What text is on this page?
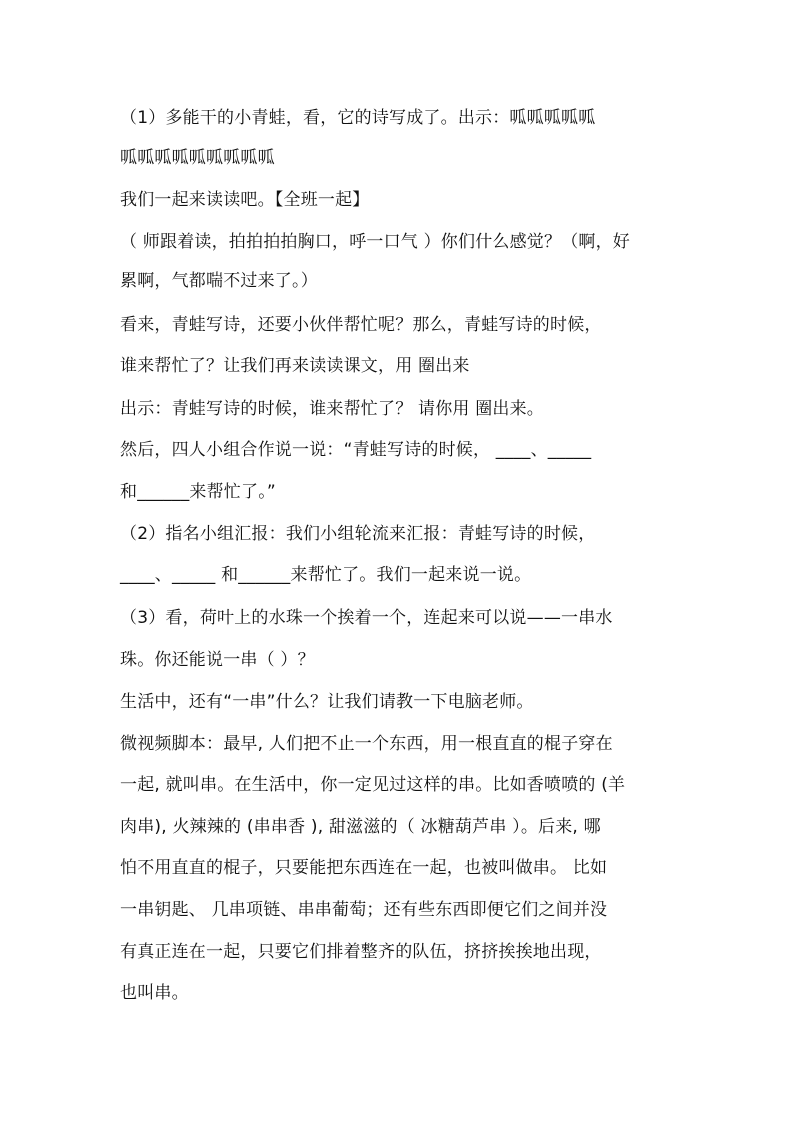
（1）多能干的小青蛙，看，它的诗写成了。出示：呱呱呱呱呱
呱呱呱呱呱呱呱呱呱
我们一起来读读吧。【全班一起】
（ 师跟着读，拍拍拍拍胸口，呼一口气 ）你们什么感觉？（啊，好
累啊，气都喘不过来了。）
看来，青蛙写诗，还要小伙伴帮忙呢？那么，青蛙写诗的时候，
谁来帮忙了？让我们再来读读课文，用 圈出来
出示：青蛙写诗的时候，谁来帮忙了？ 请你用 圈出来。
然后，四人小组合作说一说：“青蛙写诗的时候， ____、_____
和______来帮忙了。”
（2）指名小组汇报：我们小组轮流来汇报：青蛙写诗的时候，
____、_____ 和______来帮忙了。我们一起来说一说。
（3）看，荷叶上的水珠一个挨着一个，连起来可以说——一串水
珠。你还能说一串（ ）？
生活中，还有“一串”什么？让我们请教一下电脑老师。
微视频脚本：最早, 人们把不止一个东西，用一根直直的棍子穿在
一起, 就叫串。在生活中，你一定见过这样的串。比如香喷喷的 (羊
肉串), 火辣辣的 (串串香 ), 甜滋滋的（ 冰糖葫芦串 ）。后来, 哪
怕不用直直的棍子，只要能把东西连在一起，也被叫做串。 比如
一串钥匙、 几串项链、串串葡萄；还有些东西即便它们之间并没
有真正连在一起，只要它们排着整齐的队伍，挤挤挨挨地出现，
也叫串。
